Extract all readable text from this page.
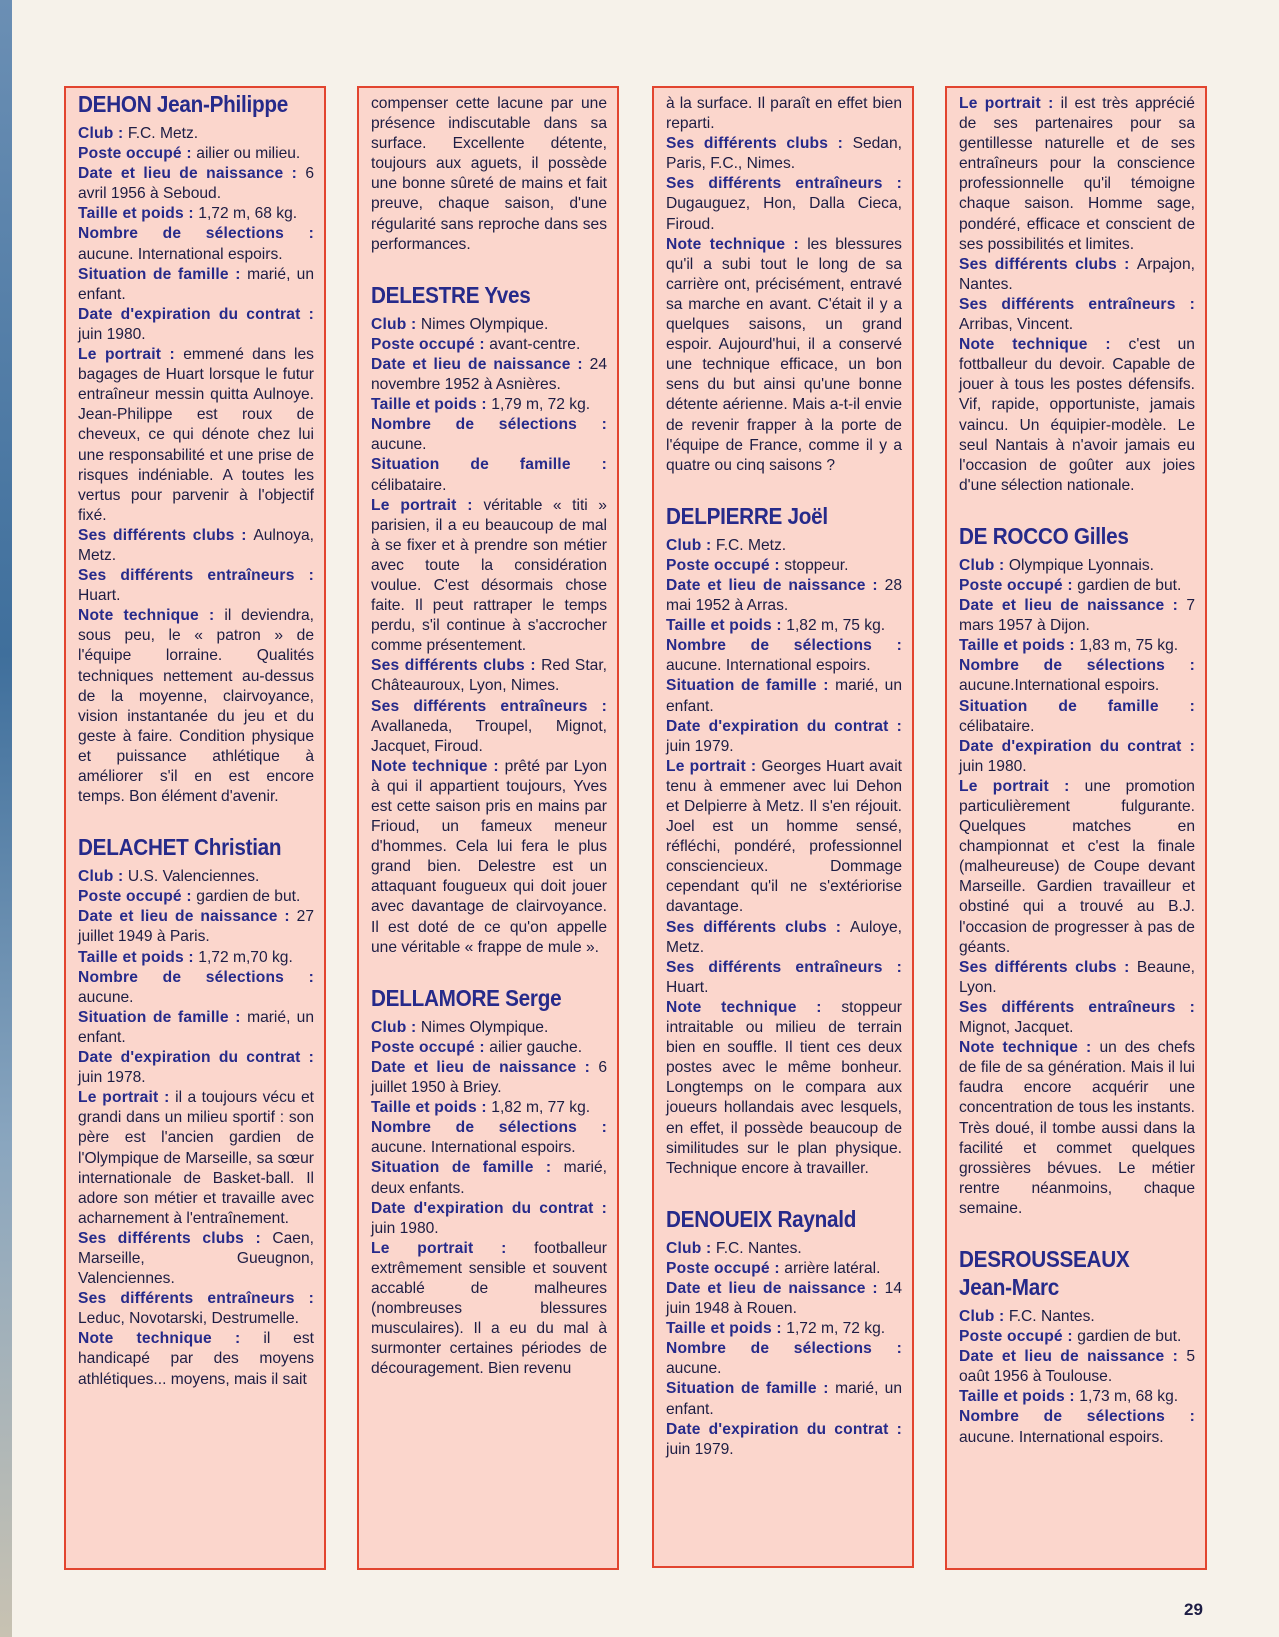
DEHON Jean-Philippe

Club : F.C. Metz.

Poste occupé : ailier ou milieu.

Date et lieu de naissance : 6 avril 1956 à Seboud.

Taille et poids : 1,72 m, 68 kg.

Nombre de sélections : aucune. International espoirs.

Situation de famille : marié, un enfant.

Date d'expiration du contrat : juin 1980.

Le portrait : emmené dans les bagages de Huart lorsque le futur entraîneur messin quitta Aulnoye. Jean-Philippe est roux de cheveux, ce qui dénote chez lui une responsabilité et une prise de risques indéniable. A toutes les vertus pour parvenir à l'objectif fixé.

Ses différents clubs : Aulnoya, Metz.

Ses différents entraîneurs : Huart.

Note technique : il deviendra, sous peu, le « patron » de l'équipe lorraine. Qualités techniques nettement au-dessus de la moyenne, clairvoyance, vision instantanée du jeu et du geste à faire. Condition physique et puissance athlétique à améliorer s'il en est encore temps. Bon élément d'avenir.

DELACHET Christian

Club : U.S. Valenciennes.

Poste occupé : gardien de but.

Date et lieu de naissance : 27 juillet 1949 à Paris.

Taille et poids : 1,72 m,70 kg.

Nombre de sélections : aucune.

Situation de famille : marié, un enfant.

Date d'expiration du contrat : juin 1978.

Le portrait : il a toujours vécu et grandi dans un milieu sportif : son père est l'ancien gardien de l'Olympique de Marseille, sa sœur internationale de Basket-ball. Il adore son métier et travaille avec acharnement à l'entraînement.

Ses différents clubs : Caen, Marseille, Gueugnon, Valenciennes.

Ses différents entraîneurs : Leduc, Novotarski, Destrumelle.

Note technique : il est handicapé par des moyens athlétiques... moyens, mais il sait

compenser cette lacune par une présence indiscutable dans sa surface. Excellente détente, toujours aux aguets, il possède une bonne sûreté de mains et fait preuve, chaque saison, d'une régularité sans reproche dans ses performances.

DELESTRE Yves

Club : Nimes Olympique.

Poste occupé : avant-centre.

Date et lieu de naissance : 24 novembre 1952 à Asnières.

Taille et poids : 1,79 m, 72 kg.

Nombre de sélections : aucune.

Situation de famille : célibataire.

Le portrait : véritable « titi » parisien, il a eu beaucoup de mal à se fixer et à prendre son métier avec toute la considération voulue. C'est désormais chose faite. Il peut rattraper le temps perdu, s'il continue à s'accrocher comme présentement.

Ses différents clubs : Red Star, Châteauroux, Lyon, Nimes.

Ses différents entraîneurs : Avallaneda, Troupel, Mignot, Jacquet, Firoud.

Note technique : prêté par Lyon à qui il appartient toujours, Yves est cette saison pris en mains par Frioud, un fameux meneur d'hommes. Cela lui fera le plus grand bien. Delestre est un attaquant fougueux qui doit jouer avec davantage de clairvoyance. Il est doté de ce qu'on appelle une véritable « frappe de mule ».

DELLAMORE Serge

Club : Nimes Olympique.

Poste occupé : ailier gauche.

Date et lieu de naissance : 6 juillet 1950 à Briey.

Taille et poids : 1,82 m, 77 kg.

Nombre de sélections : aucune. International espoirs.

Situation de famille : marié, deux enfants.

Date d'expiration du contrat : juin 1980.

Le portrait : footballeur extrêmement sensible et souvent accablé de malheures (nombreuses blessures musculaires). Il a eu du mal à surmonter certaines périodes de découragement. Bien revenu

à la surface. Il paraît en effet bien reparti.

Ses différents clubs : Sedan, Paris, F.C., Nimes.

Ses différents entraîneurs : Dugauguez, Hon, Dalla Cieca, Firoud.

Note technique : les blessures qu'il a subi tout le long de sa carrière ont, précisément, entravé sa marche en avant. C'était il y a quelques saisons, un grand espoir. Aujourd'hui, il a conservé une technique efficace, un bon sens du but ainsi qu'une bonne détente aérienne. Mais a-t-il envie de revenir frapper à la porte de l'équipe de France, comme il y a quatre ou cinq saisons ?

DELPIERRE Joël

Club : F.C. Metz.

Poste occupé : stoppeur.

Date et lieu de naissance : 28 mai 1952 à Arras.

Taille et poids : 1,82 m, 75 kg.

Nombre de sélections : aucune. International espoirs.

Situation de famille : marié, un enfant.

Date d'expiration du contrat : juin 1979.

Le portrait : Georges Huart avait tenu à emmener avec lui Dehon et Delpierre à Metz. Il s'en réjouit. Joel est un homme sensé, réfléchi, pondéré, professionnel consciencieux. Dommage cependant qu'il ne s'extériorise davantage.

Ses différents clubs : Auloye, Metz.

Ses différents entraîneurs : Huart.

Note technique : stoppeur intraitable ou milieu de terrain bien en souffle. Il tient ces deux postes avec le même bonheur. Longtemps on le compara aux joueurs hollandais avec lesquels, en effet, il possède beaucoup de similitudes sur le plan physique. Technique encore à travailler.

DENOUEIX Raynald

Club : F.C. Nantes.

Poste occupé : arrière latéral.

Date et lieu de naissance : 14 juin 1948 à Rouen.

Taille et poids : 1,72 m, 72 kg.

Nombre de sélections : aucune.

Situation de famille : marié, un enfant.

Date d'expiration du contrat : juin 1979.

Le portrait : il est très apprécié de ses partenaires pour sa gentillesse naturelle et de ses entraîneurs pour la conscience professionnelle qu'il témoigne chaque saison. Homme sage, pondéré, efficace et conscient de ses possibilités et limites.

Ses différents clubs : Arpajon, Nantes.

Ses différents entraîneurs : Arribas, Vincent.

Note technique : c'est un fottballeur du devoir. Capable de jouer à tous les postes défensifs. Vif, rapide, opportuniste, jamais vaincu. Un équipier-modèle. Le seul Nantais à n'avoir jamais eu l'occasion de goûter aux joies d'une sélection nationale.

DE ROCCO Gilles

Club : Olympique Lyonnais.

Poste occupé : gardien de but.

Date et lieu de naissance : 7 mars 1957 à Dijon.

Taille et poids : 1,83 m, 75 kg.

Nombre de sélections : aucune.International espoirs.

Situation de famille : célibataire.

Date d'expiration du contrat : juin 1980.

Le portrait : une promotion particulièrement fulgurante. Quelques matches en championnat et c'est la finale (malheureuse) de Coupe devant Marseille. Gardien travailleur et obstiné qui a trouvé au B.J. l'occasion de progresser à pas de géants.

Ses différents clubs : Beaune, Lyon.

Ses différents entraîneurs : Mignot, Jacquet.

Note technique : un des chefs de file de sa génération. Mais il lui faudra encore acquérir une concentration de tous les instants. Très doué, il tombe aussi dans la facilité et commet quelques grossières bévues. Le métier rentre néanmoins, chaque semaine.

DESROUSSEAUX Jean-Marc

Club : F.C. Nantes.

Poste occupé : gardien de but.

Date et lieu de naissance : 5 oaût 1956 à Toulouse.

Taille et poids : 1,73 m, 68 kg.

Nombre de sélections : aucune. International espoirs.

29
